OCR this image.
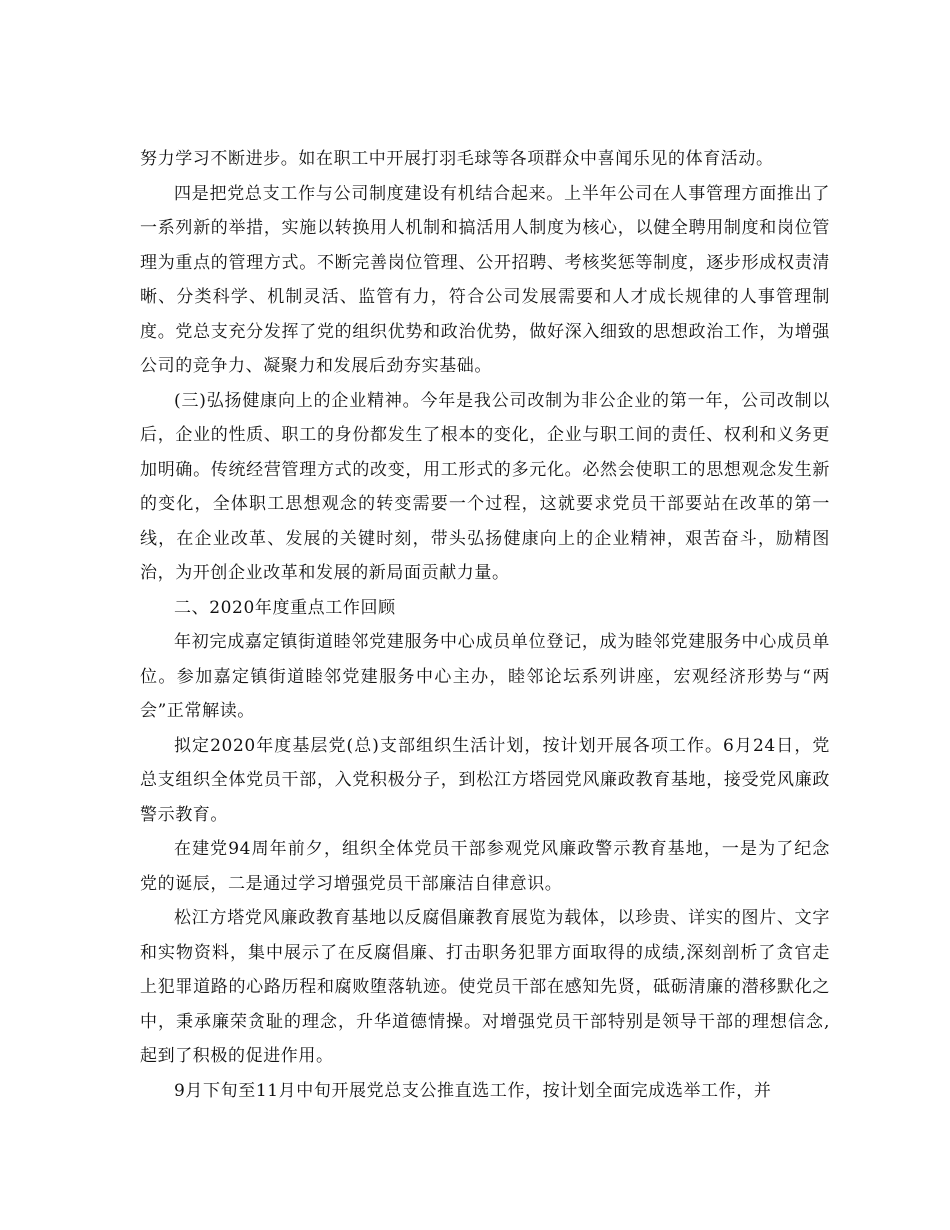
努力学习不断进步。如在职工中开展打羽毛球等各项群众中喜闻乐见的体育活动。

四是把党总支工作与公司制度建设有机结合起来。上半年公司在人事管理方面推出了一系列新的举措，实施以转换用人机制和搞活用人制度为核心，以健全聘用制度和岗位管理为重点的管理方式。不断完善岗位管理、公开招聘、考核奖惩等制度，逐步形成权责清晰、分类科学、机制灵活、监管有力，符合公司发展需要和人才成长规律的人事管理制度。党总支充分发挥了党的组织优势和政治优势，做好深入细致的思想政治工作，为增强公司的竞争力、凝聚力和发展后劲夯实基础。

(三)弘扬健康向上的企业精神。今年是我公司改制为非公企业的第一年，公司改制以后，企业的性质、职工的身份都发生了根本的变化，企业与职工间的责任、权利和义务更加明确。传统经营管理方式的改变，用工形式的多元化。必然会使职工的思想观念发生新的变化，全体职工思想观念的转变需要一个过程，这就要求党员干部要站在改革的第一线，在企业改革、发展的关键时刻，带头弘扬健康向上的企业精神，艰苦奋斗，励精图治，为开创企业改革和发展的新局面贡献力量。

二、2020年度重点工作回顾

年初完成嘉定镇街道睦邻党建服务中心成员单位登记，成为睦邻党建服务中心成员单位。参加嘉定镇街道睦邻党建服务中心主办，睦邻论坛系列讲座，宏观经济形势与“两会”正常解读。

拟定2020年度基层党(总)支部组织生活计划，按计划开展各项工作。6月24日，党总支组织全体党员干部，入党积极分子，到松江方塔园党风廉政教育基地，接受党风廉政警示教育。

在建党94周年前夕，组织全体党员干部参观党风廉政警示教育基地，一是为了纪念党的诞辰，二是通过学习增强党员干部廉洁自律意识。

松江方塔党风廉政教育基地以反腐倡廉教育展览为载体，以珍贵、详实的图片、文字和实物资料，集中展示了在反腐倡廉、打击职务犯罪方面取得的成绩,深刻剖析了贪官走上犯罪道路的心路历程和腐败堕落轨迹。使党员干部在感知先贤，砥砺清廉的潜移默化之中，秉承廉荣贪耻的理念，升华道德情操。对增强党员干部特别是领导干部的理想信念,起到了积极的促进作用。

9月下旬至11月中旬开展党总支公推直选工作，按计划全面完成选举工作，并
